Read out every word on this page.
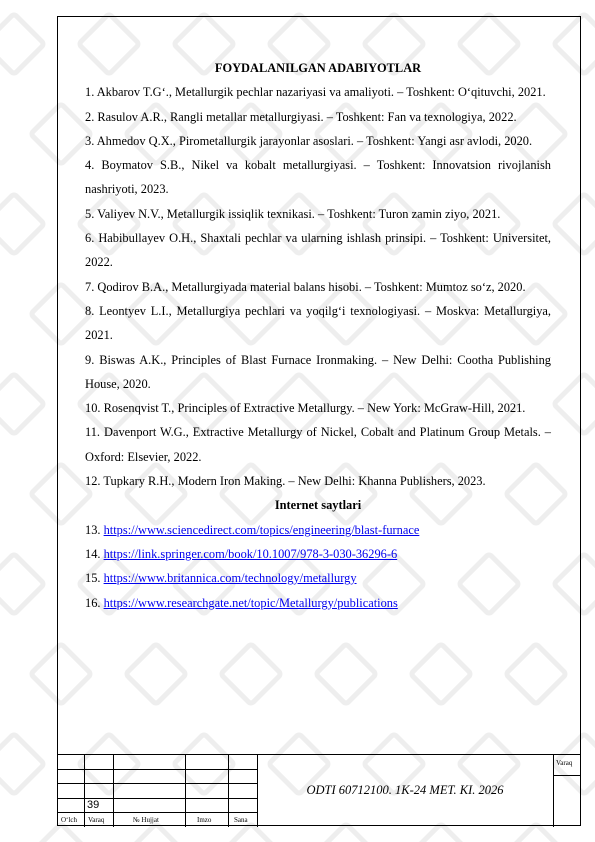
FOYDALANILGAN ADABIYOTLAR

1. Akbarov T.G‘., Metallurgik pechlar nazariyasi va amaliyoti. – Toshkent: O‘qituvchi, 2021.

2. Rasulov A.R., Rangli metallar metallurgiyasi. – Toshkent: Fan va texnologiya, 2022.

3. Ahmedov Q.X., Pirometallurgik jarayonlar asoslari. – Toshkent: Yangi asr avlodi, 2020.

4. Boymatov S.B., Nikel va kobalt metallurgiyasi. – Toshkent: Innovatsion rivojlanish nashriyoti, 2023.

5. Valiyev N.V., Metallurgik issiqlik texnikasi. – Toshkent: Turon zamin ziyo, 2021.

6. Habibullayev O.H., Shaxtali pechlar va ularning ishlash prinsipi. – Toshkent: Universitet, 2022.

7. Qodirov B.A., Metallurgiyada material balans hisobi. – Toshkent: Mumtoz so‘z, 2020.

8. Leontyev L.I., Metallurgiya pechlari va yoqilg‘i texnologiyasi. – Moskva: Metallurgiya, 2021.

9. Biswas A.K., Principles of Blast Furnace Ironmaking. – New Delhi: Cootha Publishing House, 2020.

10. Rosenqvist T., Principles of Extractive Metallurgy. – New York: McGraw-Hill, 2021.

11. Davenport W.G., Extractive Metallurgy of Nickel, Cobalt and Platinum Group Metals. – Oxford: Elsevier, 2022.

12. Tupkary R.H., Modern Iron Making. – New Delhi: Khanna Publishers, 2023.

Internet saytlari

13. https://www.sciencedirect.com/topics/engineering/blast-furnace

14. https://link.springer.com/book/10.1007/978-3-030-36296-6

15. https://www.britannica.com/technology/metallurgy

16. https://www.researchgate.net/topic/Metallurgy/publications

39
ODTI 60712100. 1K-24 MET. KI. 2026
Varaq
O‘lch Varaq	№ Hujjat	Imzo	Sana
